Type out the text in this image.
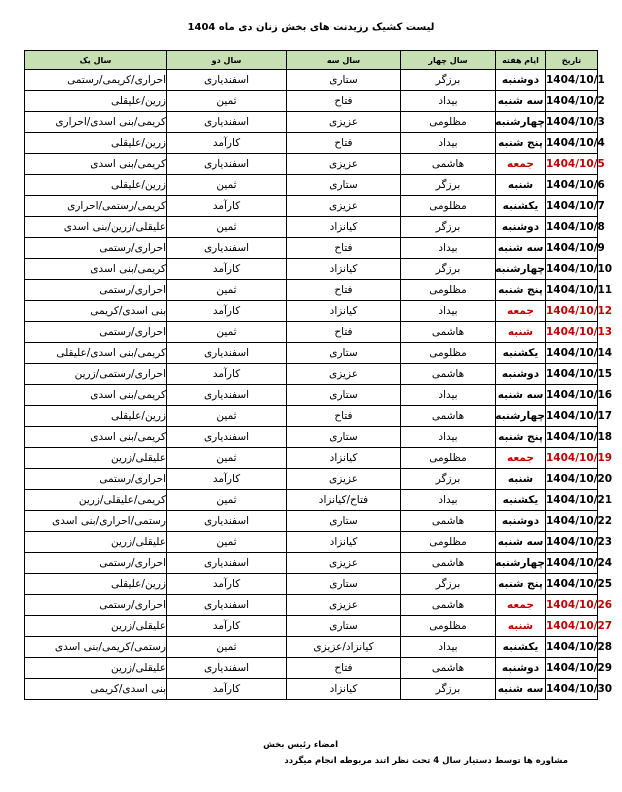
لیست کشیک رزیدنت های بخش زنان دی ماه 1404
تاریخ	ایام هفته	سال چهار	سال سه	سال دو	سال یک
1404/10/1	دوشنبه	برزگر	ستاری	اسفندیاری	احراری/کریمی/رستمی
1404/10/2	سه شنبه	بیداد	فتاح	ثمین	زرین/علیقلی
1404/10/3	چهارشنبه	مظلومی	عزیزی	اسفندیاری	کریمی/بنی اسدی/احراری
1404/10/4	پنج شنبه	بیداد	فتاح	کارآمد	زرین/علیقلی
1404/10/5	جمعه	هاشمی	عزیزی	اسفندیاری	کریمی/بنی اسدی
1404/10/6	شنبه	برزگر	ستاری	ثمین	زرین/علیقلی
1404/10/7	یکشنبه	مظلومی	عزیزی	کارآمد	کریمی/رستمی/احراری
1404/10/8	دوشنبه	برزگر	کیانزاد	ثمین	علیقلی/زرین/بنی اسدی
1404/10/9	سه شنبه	بیداد	فتاح	اسفندیاری	احراری/رستمی
1404/10/10	چهارشنبه	برزگر	کیانزاد	کارآمد	کریمی/بنی اسدی
1404/10/11	پنج شنبه	مظلومی	فتاح	ثمین	احراری/رستمی
1404/10/12	جمعه	بیداد	کیانزاد	کارآمد	بنی اسدی/کریمی
1404/10/13	شنبه	هاشمی	فتاح	ثمین	احراری/رستمی
1404/10/14	یکشنبه	مظلومی	ستاری	اسفندیاری	کریمی/بنی اسدی/علیقلی
1404/10/15	دوشنبه	هاشمی	عزیزی	کارآمد	احراری/رستمی/زرین
1404/10/16	سه شنبه	بیداد	ستاری	اسفندیاری	کریمی/بنی اسدی
1404/10/17	چهارشنبه	هاشمی	فتاح	ثمین	زرین/علیقلی
1404/10/18	پنج شنبه	بیداد	ستاری	اسفندیاری	کریمی/بنی اسدی
1404/10/19	جمعه	مظلومی	کیانزاد	ثمین	علیقلی/زرین
1404/10/20	شنبه	برزگر	عزیزی	کارآمد	احراری/رستمی
1404/10/21	یکشنبه	بیداد	فتاح/کیانزاد	ثمین	کریمی/علیقلی/زرین
1404/10/22	دوشنبه	هاشمی	ستاری	اسفندیاری	رستمی/احراری/بنی اسدی
1404/10/23	سه شنبه	مظلومی	کیانزاد	ثمین	علیقلی/زرین
1404/10/24	چهارشنبه	هاشمی	عزیزی	اسفندیاری	احراری/رستمی
1404/10/25	پنج شنبه	برزگر	ستاری	کارآمد	زرین/علیقلی
1404/10/26	جمعه	هاشمی	عزیزی	اسفندیاری	احراری/رستمی
1404/10/27	شنبه	مظلومی	ستاری	کارآمد	علیقلی/زرین
1404/10/28	یکشنبه	بیداد	کیانزاد/عزیزی	ثمین	رستمی/کریمی/بنی اسدی
1404/10/29	دوشنبه	هاشمی	فتاح	اسفندیاری	علیقلی/زرین
1404/10/30	سه شنبه	برزگر	کیانزاد	کارآمد	بنی اسدی/کریمی
امضاء رئیس بخش
مشاوره ها توسط دستیار سال 4 تحت نظر اتند مربوطه انجام میگردد
